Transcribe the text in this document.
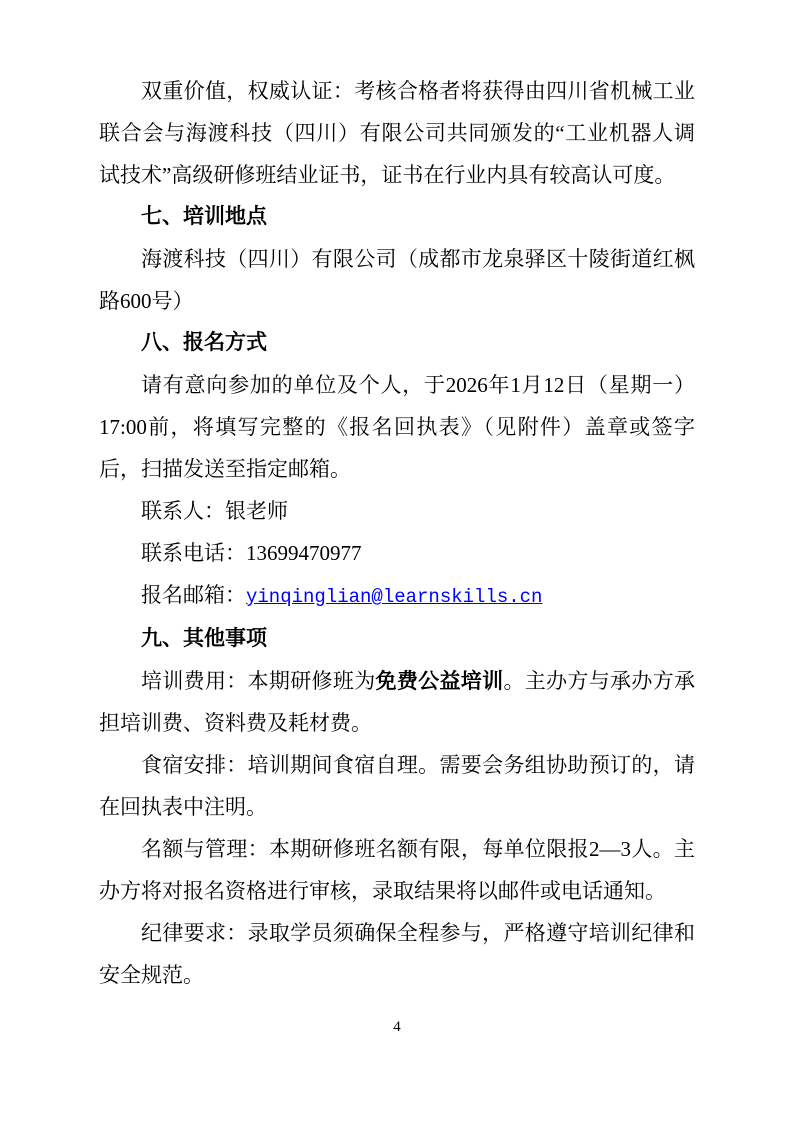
双重价值，权威认证：考核合格者将获得由四川省机械工业联合会与海渡科技（四川）有限公司共同颁发的“工业机器人调试技术”高级研修班结业证书，证书在行业内具有较高认可度。

七、培训地点

海渡科技（四川）有限公司（成都市龙泉驿区十陵街道红枫路600号）

八、报名方式

请有意向参加的单位及个人，于2026年1月12日（星期一）17:00前，将填写完整的《报名回执表》（见附件）盖章或签字后，扫描发送至指定邮箱。

联系人：银老师

联系电话：13699470977

报名邮箱：yinqinglian@learnskills.cn

九、其他事项

培训费用：本期研修班为免费公益培训。主办方与承办方承担培训费、资料费及耗材费。

食宿安排：培训期间食宿自理。需要会务组协助预订的，请在回执表中注明。

名额与管理：本期研修班名额有限，每单位限报2—3人。主办方将对报名资格进行审核，录取结果将以邮件或电话通知。

纪律要求：录取学员须确保全程参与，严格遵守培训纪律和安全规范。

4
